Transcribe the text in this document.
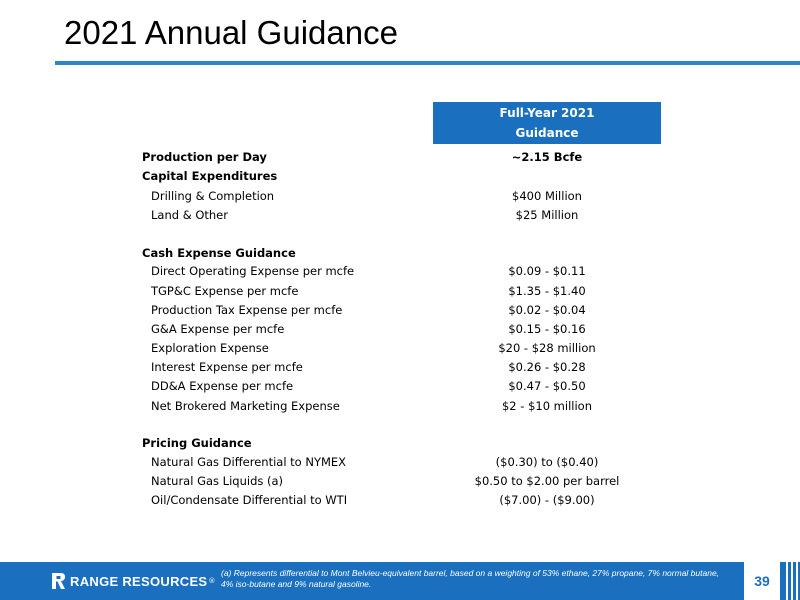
2021 Annual Guidance
Full-Year 2021
Guidance
Production per Day	~2.15 Bcfe
Capital Expenditures
Drilling & Completion	$400 Million
Land & Other	$25 Million
Cash Expense Guidance
Direct Operating Expense per mcfe	$0.09 - $0.11
TGP&C Expense per mcfe	$1.35 - $1.40
Production Tax Expense per mcfe	$0.02 - $0.04
G&A Expense per mcfe	$0.15 - $0.16
Exploration Expense	$20 - $28 million
Interest Expense per mcfe	$0.26 - $0.28
DD&A Expense per mcfe	$0.47 - $0.50
Net Brokered Marketing Expense	$2 - $10 million
Pricing Guidance
Natural Gas Differential to NYMEX	($0.30) to ($0.40)
Natural Gas Liquids (a)	$0.50 to $2.00 per barrel
Oil/Condensate Differential to WTI	($7.00) - ($9.00)
RANGE RESOURCES ®
(a) Represents differential to Mont Belvieu-equivalent barrel, based on a weighting of 53% ethane, 27% propane, 7% normal butane, 4% iso-butane and 9% natural gasoline.	39
